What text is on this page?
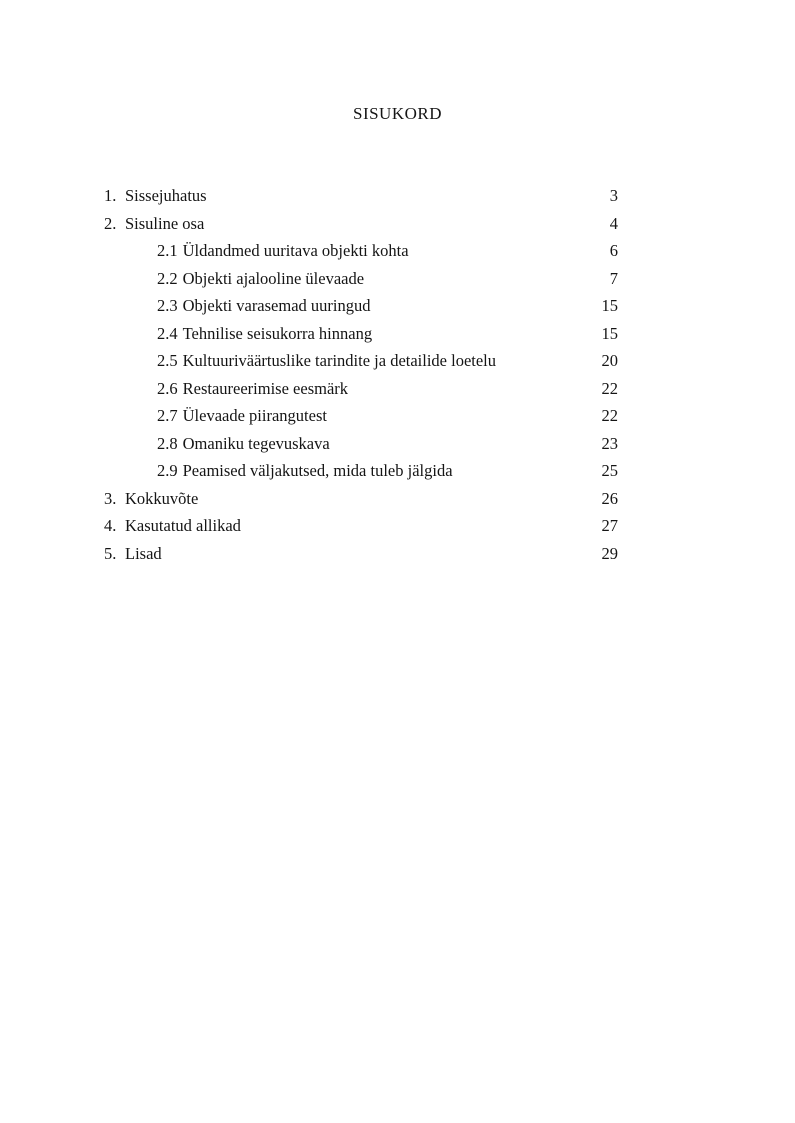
SISUKORD
1. Sissejuhatus	3
2. Sisuline osa	4
2.1 Üldandmed uuritava objekti kohta	6
2.2 Objekti ajalooline ülevaade	7
2.3 Objekti varasemad uuringud	15
2.4 Tehnilise seisukorra hinnang	15
2.5 Kultuuriväärtuslike tarindite ja detailide loetelu	20
2.6 Restaureerimise eesmärk	22
2.7 Ülevaade piirangutest	22
2.8 Omaniku tegevuskava	23
2.9 Peamised väljakutsed, mida tuleb jälgida	25
3. Kokkuvõte	26
4. Kasutatud allikad	27
5. Lisad	29
